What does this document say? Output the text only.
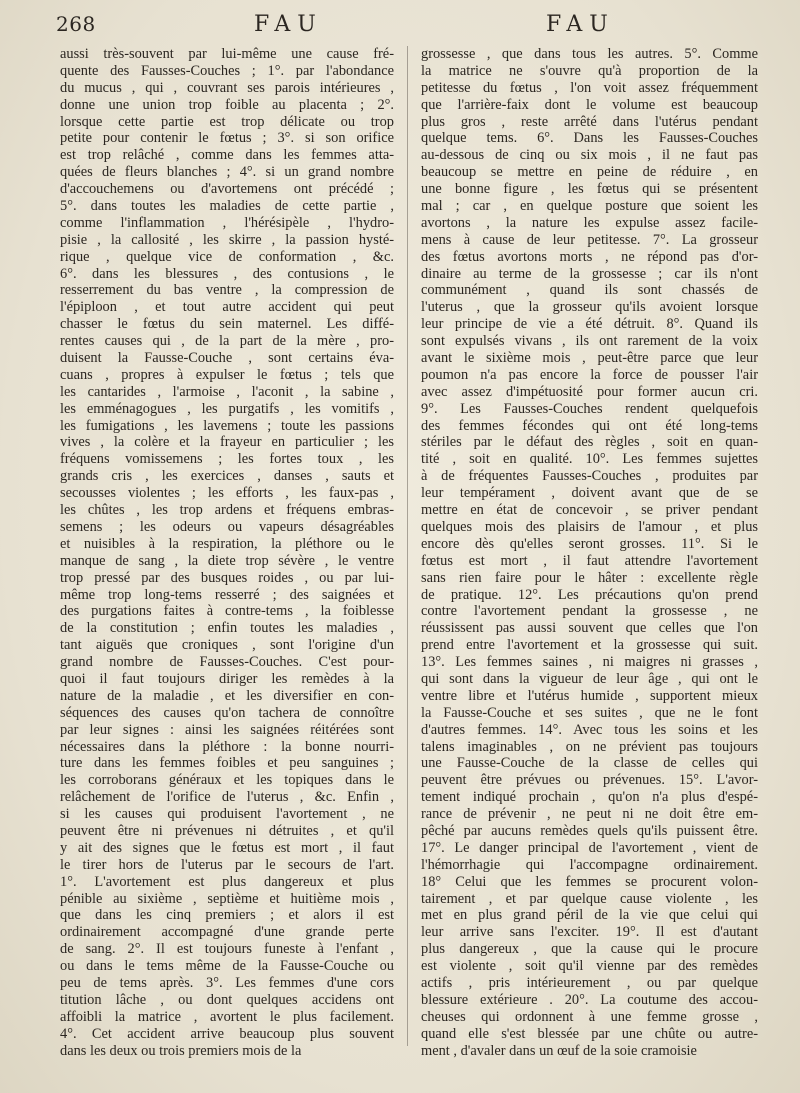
268	FAU	FAU
aussi très-souvent par lui-même une cause fré-
quente des Fausses-Couches ; 1°. par l'abondance
du mucus , qui , couvrant ses parois intérieures ,
donne une union trop foible au placenta ; 2°.
lorsque cette partie est trop délicate ou trop
petite pour contenir le fœtus ; 3°. si son orifice
est trop relâché , comme dans les femmes atta-
quées de fleurs blanches ; 4°. si un grand nombre
d'accouchemens ou d'avortemens ont précédé ;
5°. dans toutes les maladies de cette partie ,
comme l'inflammation , l'hérésipèle , l'hydro-
pisie , la callosité , les skirre , la passion hysté-
rique , quelque vice de conformation , &c.
6°. dans les blessures , des contusions , le
resserrement du bas ventre , la compression de
l'épiploon , et tout autre accident qui peut
chasser le fœtus du sein maternel. Les diffé-
rentes causes qui , de la part de la mère , pro-
duisent la Fausse-Couche , sont certains éva-
cuans , propres à expulser le fœtus ; tels que
les cantarides , l'armoise , l'aconit , la sabine ,
les emménagogues , les purgatifs , les vomitifs ,
les fumigations , les lavemens ; toute les passions
vives , la colère et la frayeur en particulier ; les
fréquens vomissemens ; les fortes toux , les
grands cris , les exercices , danses , sauts et
secousses violentes ; les efforts , les faux-pas ,
les chûtes , les trop ardens et fréquens embras-
semens ; les odeurs ou vapeurs désagréables
et nuisibles à la respiration, la pléthore ou le
manque de sang , la diete trop sévère , le ventre
trop pressé par des busques roides , ou par lui-
même trop long-tems resserré ; des saignées et
des purgations faites à contre-tems , la foiblesse
de la constitution ; enfin toutes les maladies ,
tant aiguës que croniques , sont l'origine d'un
grand nombre de Fausses-Couches. C'est pour-
quoi il faut toujours diriger les remèdes à la
nature de la maladie , et les diversifier en con-
séquences des causes qu'on tachera de connoître
par leur signes : ainsi les saignées réitérées sont
nécessaires dans la pléthore : la bonne nourri-
ture dans les femmes foibles et peu sanguines ;
les corroborans généraux et les topiques dans le
relâchement de l'orifice de l'uterus , &c. Enfin ,
si les causes qui produisent l'avortement , ne
peuvent être ni prévenues ni détruites , et qu'il
y ait des signes que le fœtus est mort , il faut
le tirer hors de l'uterus par le secours de l'art.
1°. L'avortement est plus dangereux et plus
pénible au sixième , septième et huitième mois ,
que dans les cinq premiers ; et alors il est
ordinairement accompagné d'une grande perte
de sang. 2°. Il est toujours funeste à l'enfant ,
ou dans le tems même de la Fausse-Couche ou
peu de tems après. 3°. Les femmes d'une cors
titution lâche , ou dont quelques accidens ont
affoibli la matrice , avortent le plus facilement.
4°. Cet accident arrive beaucoup plus souvent
dans les deux ou trois premiers mois de la
grossesse , que dans tous les autres. 5°. Comme
la matrice ne s'ouvre qu'à proportion de la
petitesse du fœtus , l'on voit assez fréquemment
que l'arrière-faix dont le volume est beaucoup
plus gros , reste arrêté dans l'utérus pendant
quelque tems. 6°. Dans les Fausses-Couches
au-dessous de cinq ou six mois , il ne faut pas
beaucoup se mettre en peine de réduire , en
une bonne figure , les fœtus qui se présentent
mal ; car , en quelque posture que soient les
avortons , la nature les expulse assez facile-
mens à cause de leur petitesse. 7°. La grosseur
des fœtus avortons morts , ne répond pas d'or-
dinaire au terme de la grossesse ; car ils n'ont
communément , quand ils sont chassés de
l'uterus , que la grosseur qu'ils avoient lorsque
leur principe de vie a été détruit. 8°. Quand ils
sont expulsés vivans , ils ont rarement de la voix
avant le sixième mois , peut-être parce que leur
poumon n'a pas encore la force de pousser l'air
avec assez d'impétuosité pour former aucun cri.
9°. Les Fausses-Couches rendent quelquefois
des femmes fécondes qui ont été long-tems
stériles par le défaut des règles , soit en quan-
tité , soit en qualité. 10°. Les femmes sujettes
à de fréquentes Fausses-Couches , produites par
leur tempérament , doivent avant que de se
mettre en état de concevoir , se priver pendant
quelques mois des plaisirs de l'amour , et plus
encore dès qu'elles seront grosses. 11°. Si le
fœtus est mort , il faut attendre l'avortement
sans rien faire pour le hâter : excellente règle
de pratique. 12°. Les précautions qu'on prend
contre l'avortement pendant la grossesse , ne
réussissent pas aussi souvent que celles que l'on
prend entre l'avortement et la grossesse qui suit.
13°. Les femmes saines , ni maigres ni grasses ,
qui sont dans la vigueur de leur âge , qui ont le
ventre libre et l'utérus humide , supportent mieux
la Fausse-Couche et ses suites , que ne le font
d'autres femmes. 14°. Avec tous les soins et les
talens imaginables , on ne prévient pas toujours
une Fausse-Couche de la classe de celles qui
peuvent être prévues ou prévenues. 15°. L'avor-
tement indiqué prochain , qu'on n'a plus d'espé-
rance de prévenir , ne peut ni ne doit être em-
pêché par aucuns remèdes quels qu'ils puissent être.
17°. Le danger principal de l'avortement , vient de
l'hémorrhagie qui l'accompagne ordinairement.
18° Celui que les femmes se procurent volon-
tairement , et par quelque cause violente , les
met en plus grand péril de la vie que celui qui
leur arrive sans l'exciter. 19°. Il est d'autant
plus dangereux , que la cause qui le procure
est violente , soit qu'il vienne par des remèdes
actifs , pris intérieurement , ou par quelque
blessure extérieure . 20°. La coutume des accou-
cheuses qui ordonnent à une femme grosse ,
quand elle s'est blessée par une chûte ou autre-
ment , d'avaler dans un œuf de la soie cramoisie
